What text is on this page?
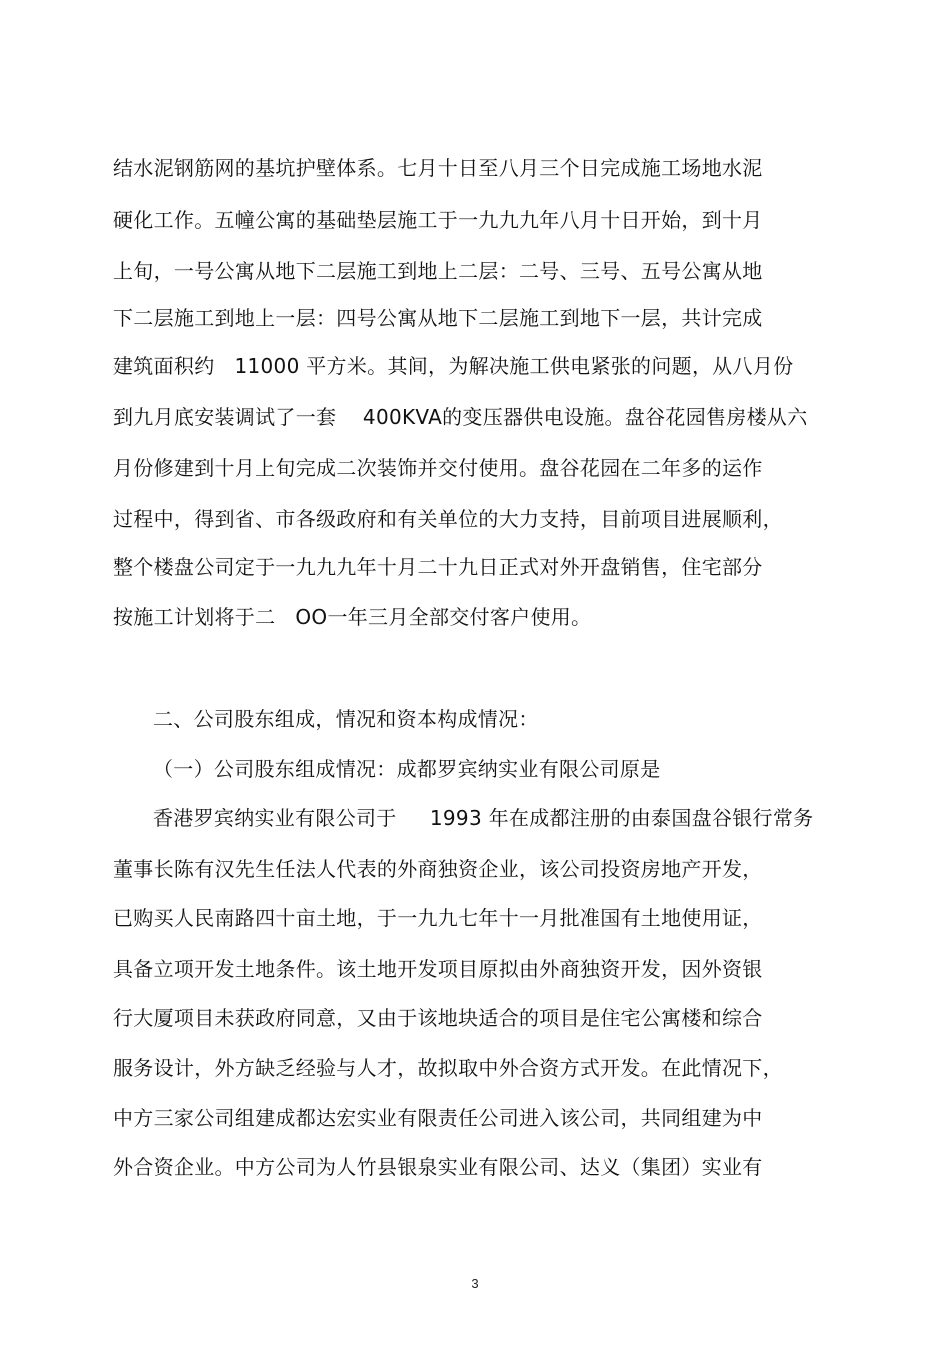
结水泥钢筋网的基坑护壁体系。七月十日至八月三个日完成施工场地水泥
硬化工作。五幢公寓的基础垫层施工于一九九九年八月十日开始，到十月
上旬，一号公寓从地下二层施工到地上二层：二号、三号、五号公寓从地
下二层施工到地上一层：四号公寓从地下二层施工到地下一层，共计完成
建筑面积约   11000 平方米。其间，为解决施工供电紧张的问题，从八月份
到九月底安装调试了一套    400KVA的变压器供电设施。盘谷花园售房楼从六
月份修建到十月上旬完成二次装饰并交付使用。盘谷花园在二年多的运作
过程中，得到省、市各级政府和有关单位的大力支持，目前项目进展顺利，
整个楼盘公司定于一九九九年十月二十九日正式对外开盘销售，住宅部分
按施工计划将于二   OO一年三月全部交付客户使用。
二、公司股东组成，情况和资本构成情况：
（一）公司股东组成情况：成都罗宾纳实业有限公司原是
香港罗宾纳实业有限公司于     1993 年在成都注册的由泰国盘谷银行常务
董事长陈有汉先生任法人代表的外商独资企业，该公司投资房地产开发，
已购买人民南路四十亩土地，于一九九七年十一月批准国有土地使用证，
具备立项开发土地条件。该土地开发项目原拟由外商独资开发，因外资银
行大厦项目未获政府同意，又由于该地块适合的项目是住宅公寓楼和综合
服务设计，外方缺乏经验与人才，故拟取中外合资方式开发。在此情况下，
中方三家公司组建成都达宏实业有限责任公司进入该公司，共同组建为中
外合资企业。中方公司为人竹县银泉实业有限公司、达义（集团）实业有
3
